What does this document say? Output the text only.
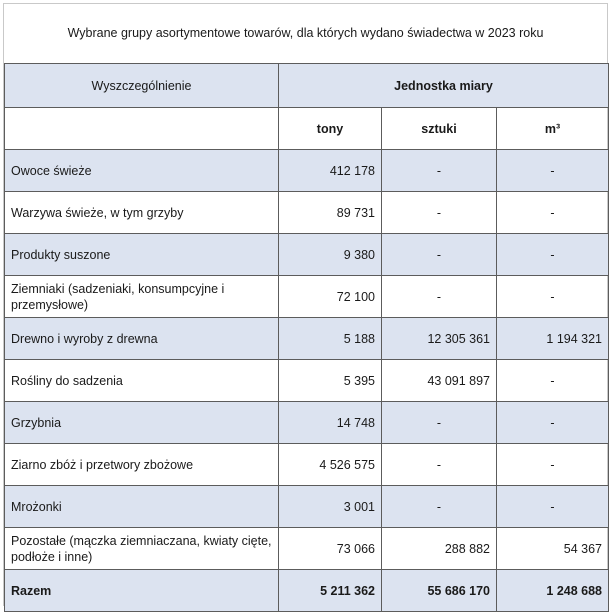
Wybrane grupy asortymentowe towarów, dla których wydano świadectwa w 2023 roku
Wyszczególnienie	Jednostka miary		
	tony	sztuki	m³
Owoce świeże	412 178	-	-
Warzywa świeże, w tym grzyby	89 731	-	-
Produkty suszone	9 380	-	-
Ziemniaki (sadzeniaki, konsumpcyjne i przemysłowe)	72 100	-	-
Drewno i wyroby z drewna	5 188	12 305 361	1 194 321
Rośliny do sadzenia	5 395	43 091 897	-
Grzybnia	14 748	-	-
Ziarno zbóż i przetwory zbożowe	4 526 575	-	-
Mrożonki	3 001	-	-
Pozostałe (mączka ziemniaczana, kwiaty cięte, podłoże i inne)	73 066	288 882	54 367
Razem	5 211 362	55 686 170	1 248 688
